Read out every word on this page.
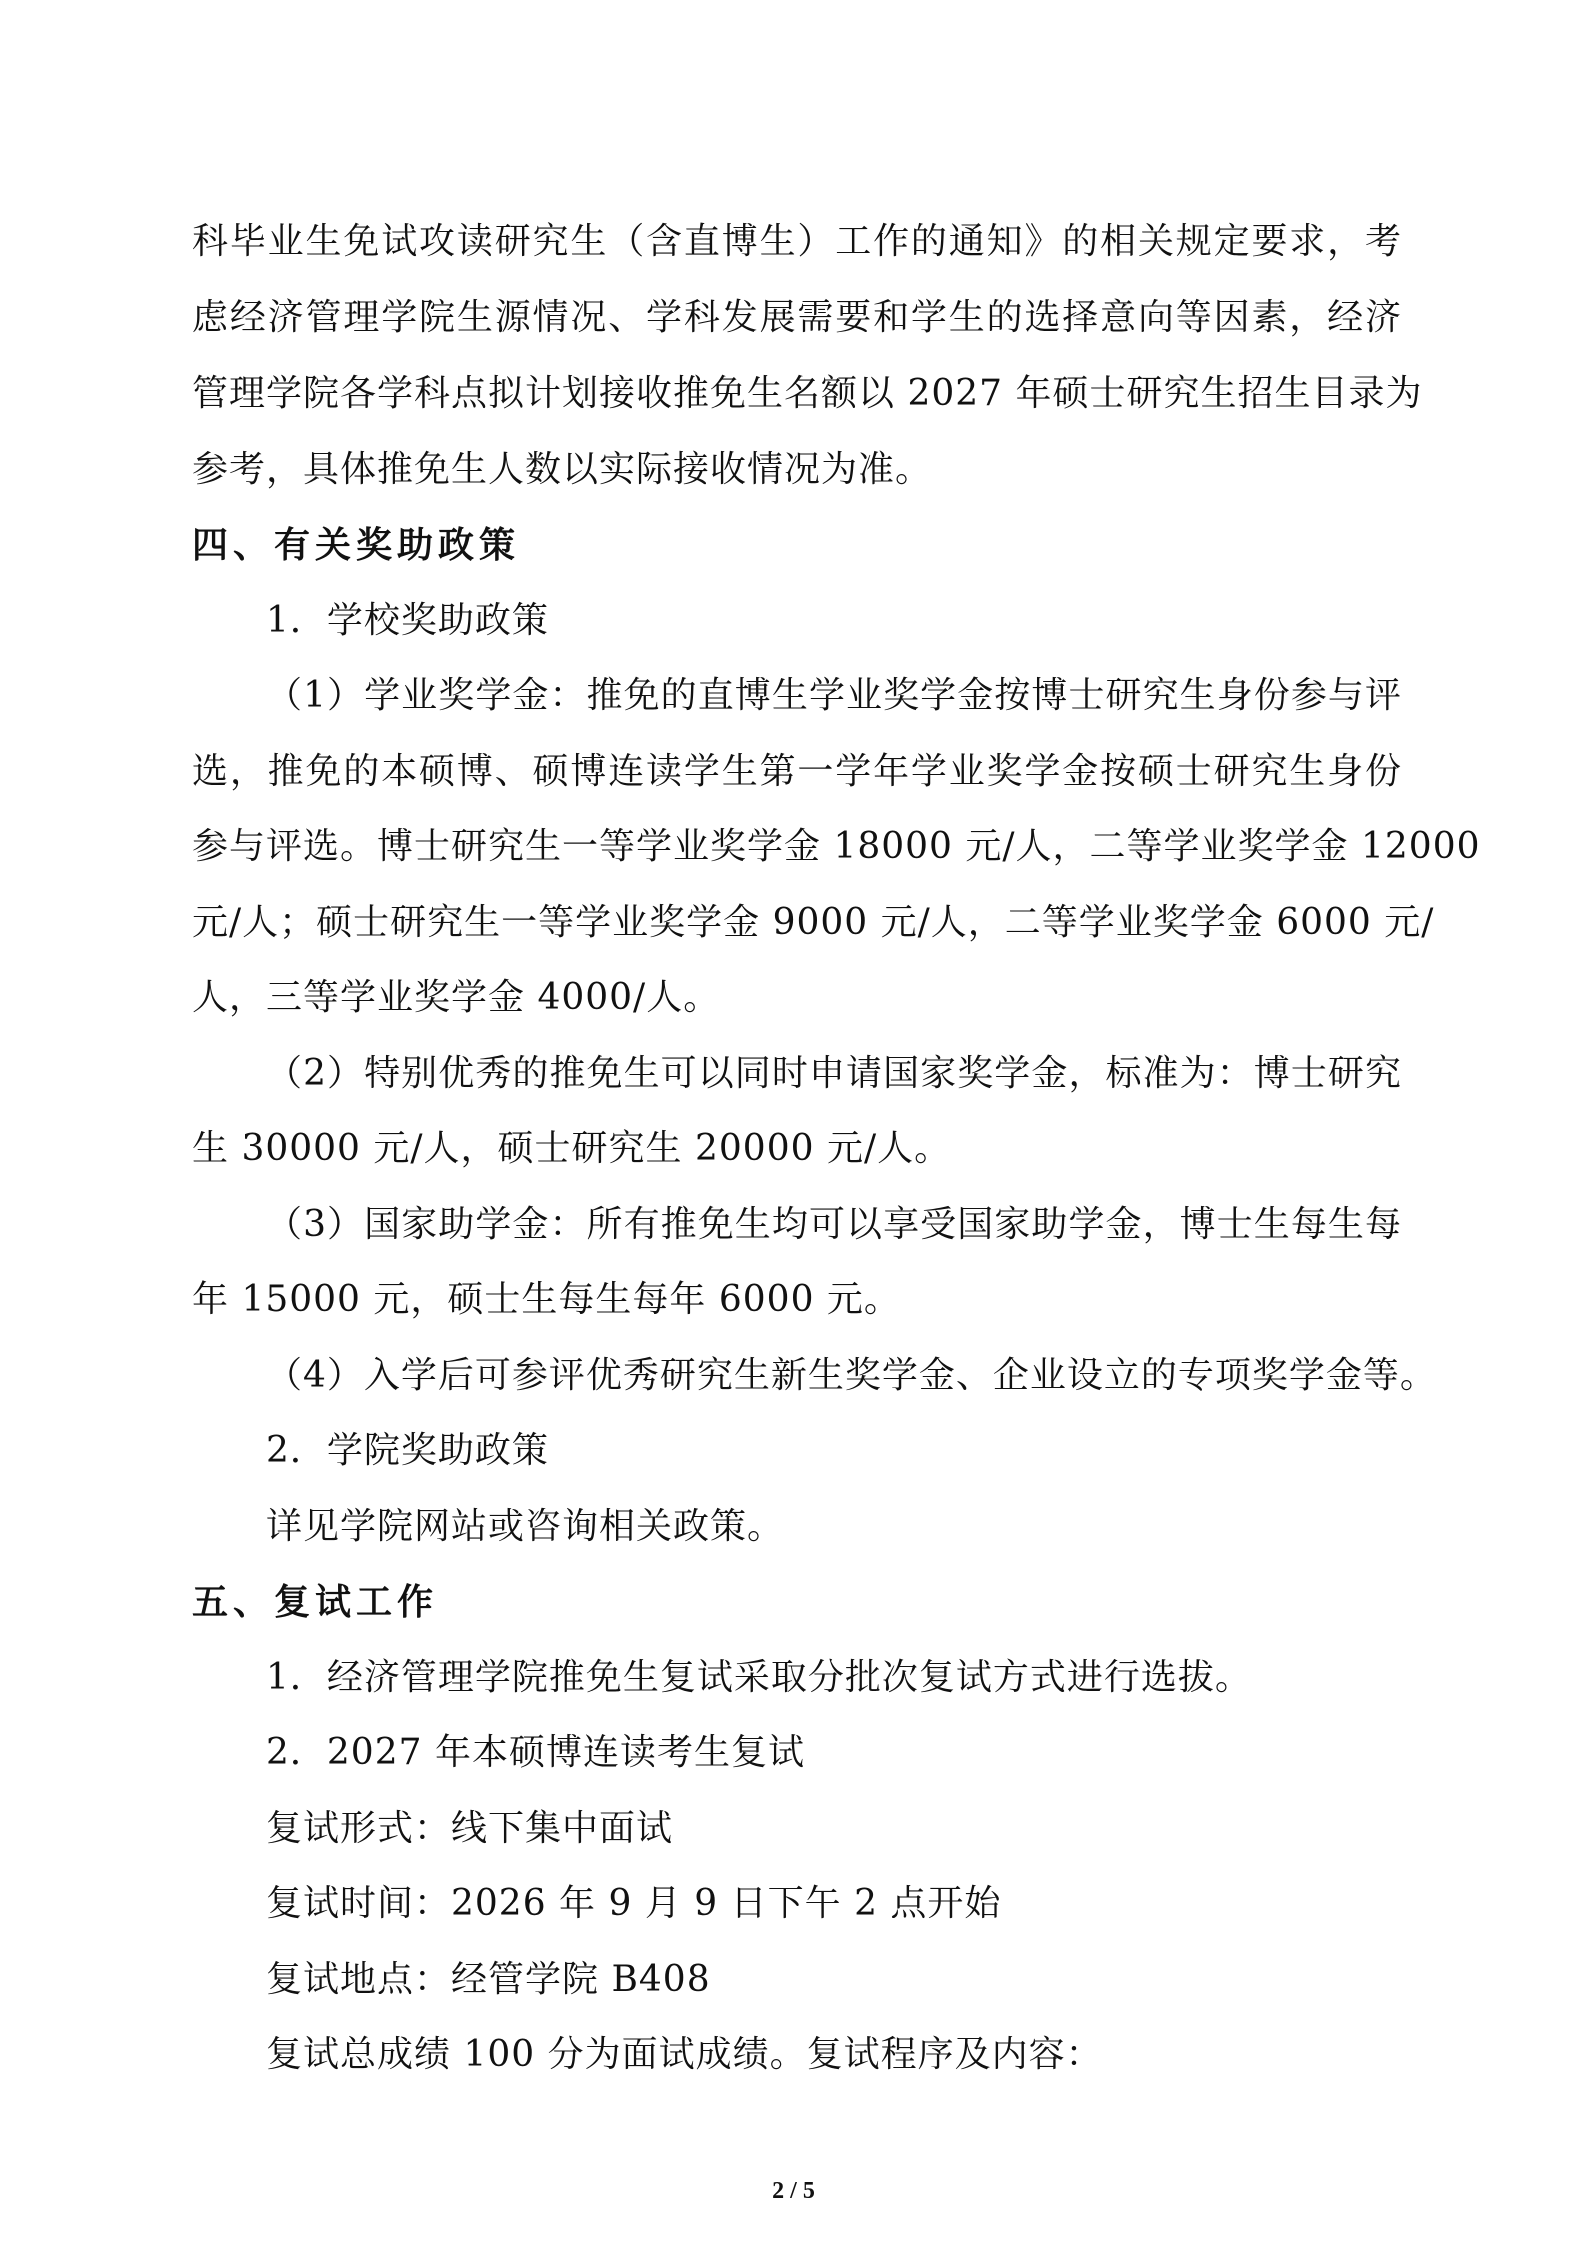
科毕业生免试攻读研究生（含直博生）工作的通知》的相关规定要求，考
虑经济管理学院生源情况、学科发展需要和学生的选择意向等因素，经济
管理学院各学科点拟计划接收推免生名额以 2027 年硕士研究生招生目录为
参考，具体推免生人数以实际接收情况为准。
四、有关奖助政策
1．学校奖助政策
（1）学业奖学金：推免的直博生学业奖学金按博士研究生身份参与评
选，推免的本硕博、硕博连读学生第一学年学业奖学金按硕士研究生身份
参与评选。博士研究生一等学业奖学金 18000 元/人，二等学业奖学金 12000
元/人；硕士研究生一等学业奖学金 9000 元/人，二等学业奖学金 6000 元/
人，三等学业奖学金 4000/人。
（2）特别优秀的推免生可以同时申请国家奖学金，标准为：博士研究
生 30000 元/人，硕士研究生 20000 元/人。
（3）国家助学金：所有推免生均可以享受国家助学金，博士生每生每
年 15000 元，硕士生每生每年 6000 元。
（4）入学后可参评优秀研究生新生奖学金、企业设立的专项奖学金等。
2．学院奖助政策
详见学院网站或咨询相关政策。
五、复试工作
1．经济管理学院推免生复试采取分批次复试方式进行选拔。
2．2027 年本硕博连读考生复试
复试形式：线下集中面试
复试时间：2026 年 9 月 9 日下午 2 点开始
复试地点：经管学院 B408
复试总成绩 100 分为面试成绩。复试程序及内容：
2 / 5
